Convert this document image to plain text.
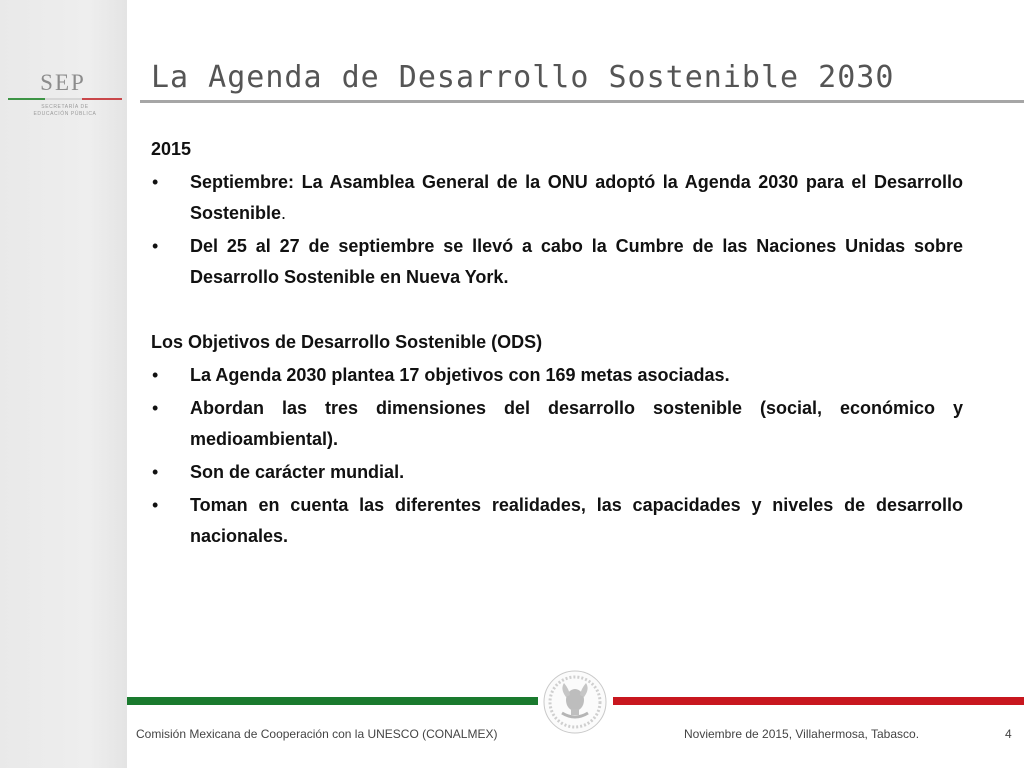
SEP
SECRETARÍA DE
EDUCACIÓN PÚBLICA
La Agenda de Desarrollo Sostenible 2030

2015

• Septiembre: La Asamblea General de la ONU adoptó la Agenda 2030 para el Desarrollo Sostenible.
• Del 25 al 27 de septiembre se llevó a cabo la Cumbre de las Naciones Unidas sobre Desarrollo Sostenible en Nueva York.

Los Objetivos de Desarrollo Sostenible (ODS)

• La Agenda 2030 plantea 17 objetivos con 169 metas asociadas.
• Abordan las tres dimensiones del desarrollo sostenible (social, económico y medioambiental).
• Son de carácter mundial.
• Toman en cuenta las diferentes realidades, las capacidades y niveles de desarrollo nacionales.
Comisión Mexicana de Cooperación con la UNESCO (CONALMEX)	Noviembre de 2015, Villahermosa, Tabasco.	4
